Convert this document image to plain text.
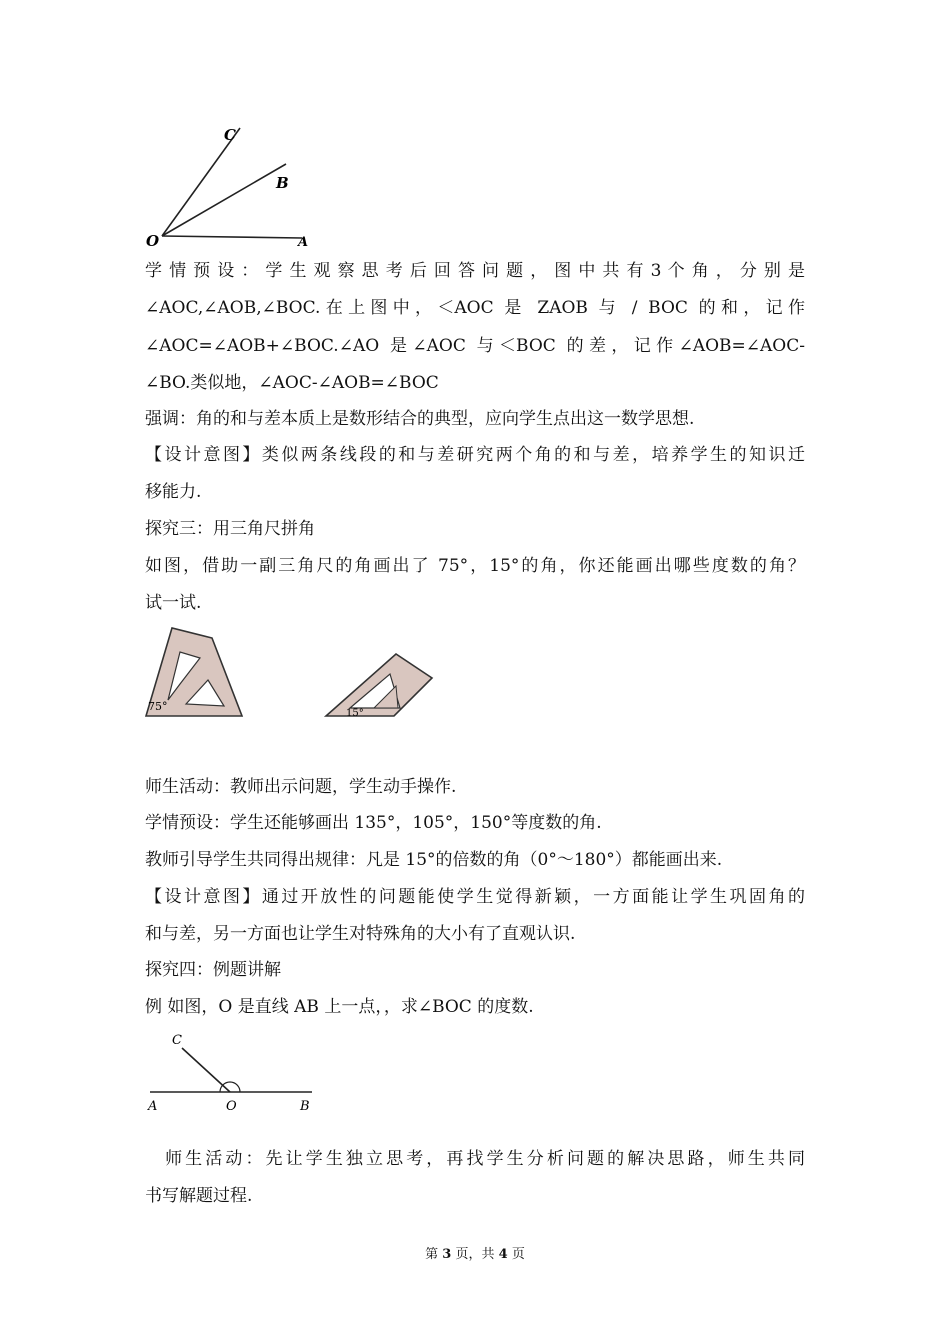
C
B
O	A
学 情 预 设 ： 学 生 观 察 思 考 后 回 答 问 题 ， 图 中 共 有 3 个 角 ， 分 别 是
∠AOC,∠AOB,∠BOC.在上图中，＜AOC 是 ZAOB 与 / BOC 的和，记作
∠AOC=∠AOB+∠BOC.∠AO 是∠AOC 与＜BOC 的差，记作∠AOB=∠AOC-
∠BO.类似地，∠AOC-∠AOB=∠BOC
强调：角的和与差本质上是数形结合的典型，应向学生点出这一数学思想.
【设计意图】类似两条线段的和与差研究两个角的和与差，培养学生的知识迁
移能力.
探究三：用三角尺拼角
如图，借助一副三角尺的角画出了 75°，15°的角，你还能画出哪些度数的角？
试一试.
75°
15°
师生活动：教师出示问题，学生动手操作.
学情预设：学生还能够画出 135°，105°，150°等度数的角.
教师引导学生共同得出规律：凡是 15°的倍数的角（0°～180°）都能画出来.
【设计意图】通过开放性的问题能使学生觉得新颖，一方面能让学生巩固角的
和与差，另一方面也让学生对特殊角的大小有了直观认识.
探究四：例题讲解
例 如图，O 是直线 AB 上一点，，求∠BOC 的度数.
C
A	O	B
　师生活动：先让学生独立思考，再找学生分析问题的解决思路，师生共同
书写解题过程.
第 3 页，共 4 页
